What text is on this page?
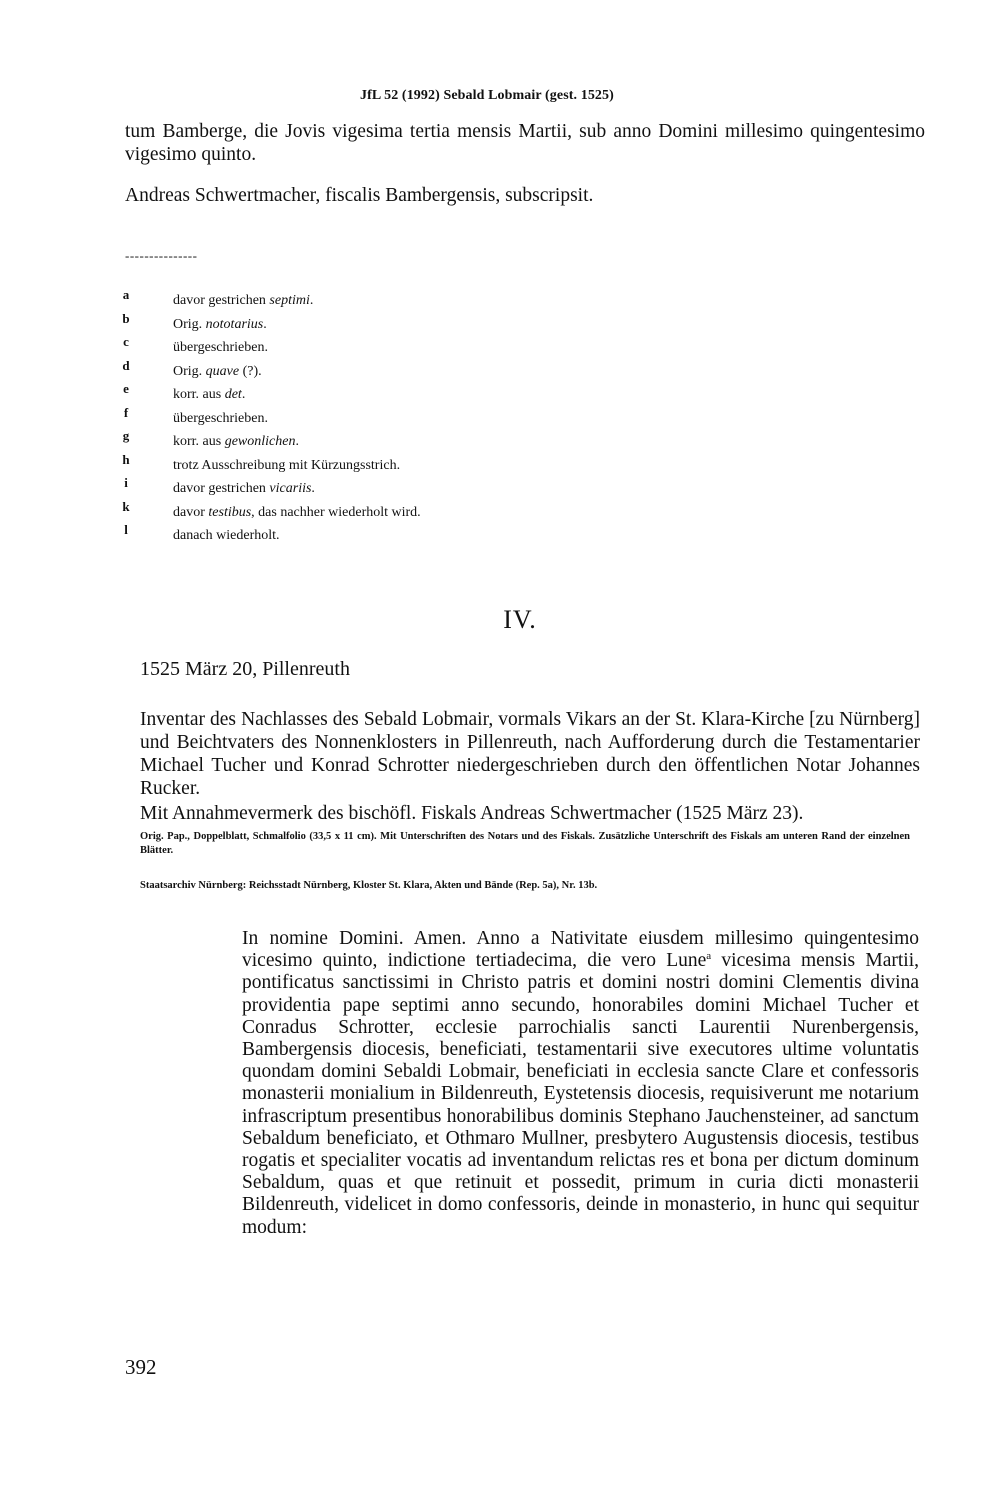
JfL 52 (1992) Sebald Lobmair (gest. 1525)
tum Bamberge, die Jovis vigesima tertia mensis Martii, sub anno Domini millesimo quingentesimo vigesimo quinto.
Andreas Schwertmacher, fiscalis Bambergensis, subscripsit.
---------------
a	davor gestrichen septimi.
b	Orig. nototarius.
c	übergeschrieben.
d	Orig. quave (?).
e	korr. aus det.
f	übergeschrieben.
g	korr. aus gewonlichen.
h	trotz Ausschreibung mit Kürzungsstrich.
i	davor gestrichen vicariis.
k	davor testibus, das nachher wiederholt wird.
l	danach wiederholt.
IV.
1525 März 20, Pillenreuth
Inventar des Nachlasses des Sebald Lobmair, vormals Vikars an der St. Klara-Kirche [zu Nürnberg] und Beichtvaters des Nonnenklosters in Pillenreuth, nach Aufforderung durch die Testamentarier Michael Tucher und Konrad Schrotter niedergeschrieben durch den öffentlichen Notar Johannes Rucker.
Mit Annahmevermerk des bischöfl. Fiskals Andreas Schwertmacher (1525 März 23).
Orig. Pap., Doppelblatt, Schmalfolio (33,5 x 11 cm). Mit Unterschriften des Notars und des Fiskals. Zusätzliche Unterschrift des Fiskals am unteren Rand der einzelnen Blätter.
Staatsarchiv Nürnberg: Reichsstadt Nürnberg, Kloster St. Klara, Akten und Bände (Rep. 5a), Nr. 13b.
In nomine Domini. Amen. Anno a Nativitate eiusdem millesimo quingentesimo vicesimo quinto, indictione tertiadecima, die vero Lune$^a$ vicesima mensis Martii, pontificatus sanctissimi in Christo patris et domini nostri domini Clementis divina providentia pape septimi anno secundo, honorabiles domini Michael Tucher et Conradus Schrotter, ecclesie parrochialis sancti Laurentii Nurenbergensis, Bambergensis diocesis, beneficiati, testamentarii sive executores ultime voluntatis quondam domini Sebaldi Lobmair, beneficiati in ecclesia sancte Clare et confessoris monasterii monialium in Bildenreuth, Eystetensis diocesis, requisiverunt me notarium infrascriptum presentibus honorabilibus dominis Stephano Jauchensteiner, ad sanctum Sebaldum beneficiato, et Othmaro Mullner, presbytero Augustensis diocesis, testibus rogatis et specialiter vocatis ad inventandum relictas res et bona per dictum dominum Sebaldum, quas et que retinuit et possedit, primum in curia dicti monasterii Bildenreuth, videlicet in domo confessoris, deinde in monasterio, in hunc qui sequitur modum:
392
